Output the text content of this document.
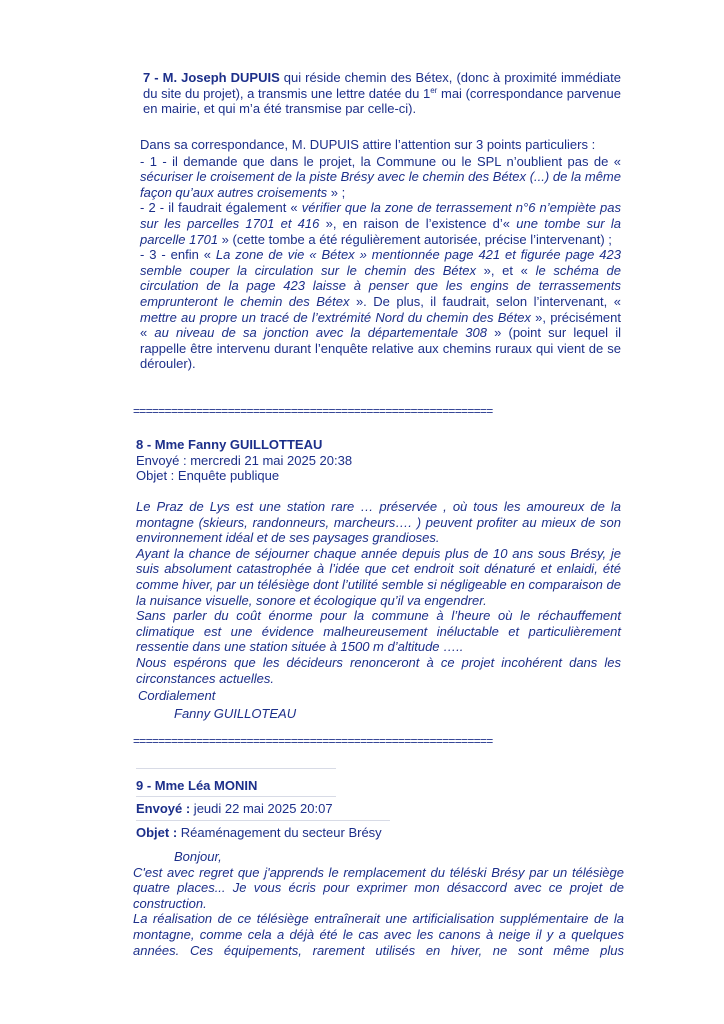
7 - M. Joseph DUPUIS qui réside chemin des Bétex, (donc à proximité immédiate du site du projet), a transmis une lettre datée du 1er mai (correspondance parvenue en mairie, et qui m’a été transmise par celle-ci).

Dans sa correspondance, M. DUPUIS attire l’attention sur 3 points particuliers :

- 1 - il demande que dans le projet, la Commune ou le SPL n’oublient pas de « sécuriser le croisement de la piste Brésy avec le chemin des Bétex (...) de la même façon qu’aux autres croisements » ;

- 2 - il faudrait également « vérifier que la zone de terrassement n°6 n’empiète pas sur les parcelles 1701 et 416 », en raison de l’existence d’« une tombe sur la parcelle 1701 » (cette tombe a été régulièrement autorisée, précise l’intervenant) ;

- 3 - enfin « La zone de vie « Bétex » mentionnée page 421 et figurée page 423 semble couper la circulation sur le chemin des Bétex », et « le schéma de circulation de la page 423 laisse à penser que les engins de terrassements emprunteront le chemin des Bétex ». De plus, il faudrait, selon l’intervenant, « mettre au propre un tracé de l’extrémité Nord du chemin des Bétex », précisément « au niveau de sa jonction avec la départementale 308 » (point sur lequel il rappelle être intervenu durant l’enquête relative aux chemins ruraux qui vient de se dérouler).

=========================================================
8 - Mme Fanny GUILLOTTEAU
Envoyé : mercredi 21 mai 2025 20:38
Objet : Enquête publique

Le Praz de Lys est une station rare … préservée , où tous les amoureux de la montagne (skieurs, randonneurs, marcheurs…. ) peuvent profiter au mieux de son environnement idéal et de ses paysages grandioses.

Ayant la chance de séjourner chaque année depuis plus de 10 ans sous Brésy, je suis absolument catastrophée à l’idée que cet endroit soit dénaturé et enlaidi, été comme hiver, par un télésiège dont l’utilité semble si négligeable en comparaison de la nuisance visuelle, sonore et écologique qu’il va engendrer.

Sans parler du coût énorme pour la commune à l’heure où le réchauffement climatique est une évidence malheureusement inéluctable et particulièrement ressentie dans une station située à 1500 m d’altitude …..

Nous espérons que les décideurs renonceront à ce projet incohérent dans les circonstances actuelles.

Cordialement
Fanny GUILLOTEAU
=========================================================
9 - Mme Léa MONIN
Envoyé : jeudi 22 mai 2025 20:07
Objet : Réaménagement du secteur Brésy
Bonjour,

C'est avec regret que j'apprends le remplacement du téléski Brésy par un télésiège quatre places... Je vous écris pour exprimer mon désaccord avec ce projet de construction.

La réalisation de ce télésiège entraînerait une artificialisation supplémentaire de la montagne, comme cela a déjà été le cas avec les canons à neige il y a quelques années. Ces équipements, rarement utilisés en hiver, ne sont même plus
